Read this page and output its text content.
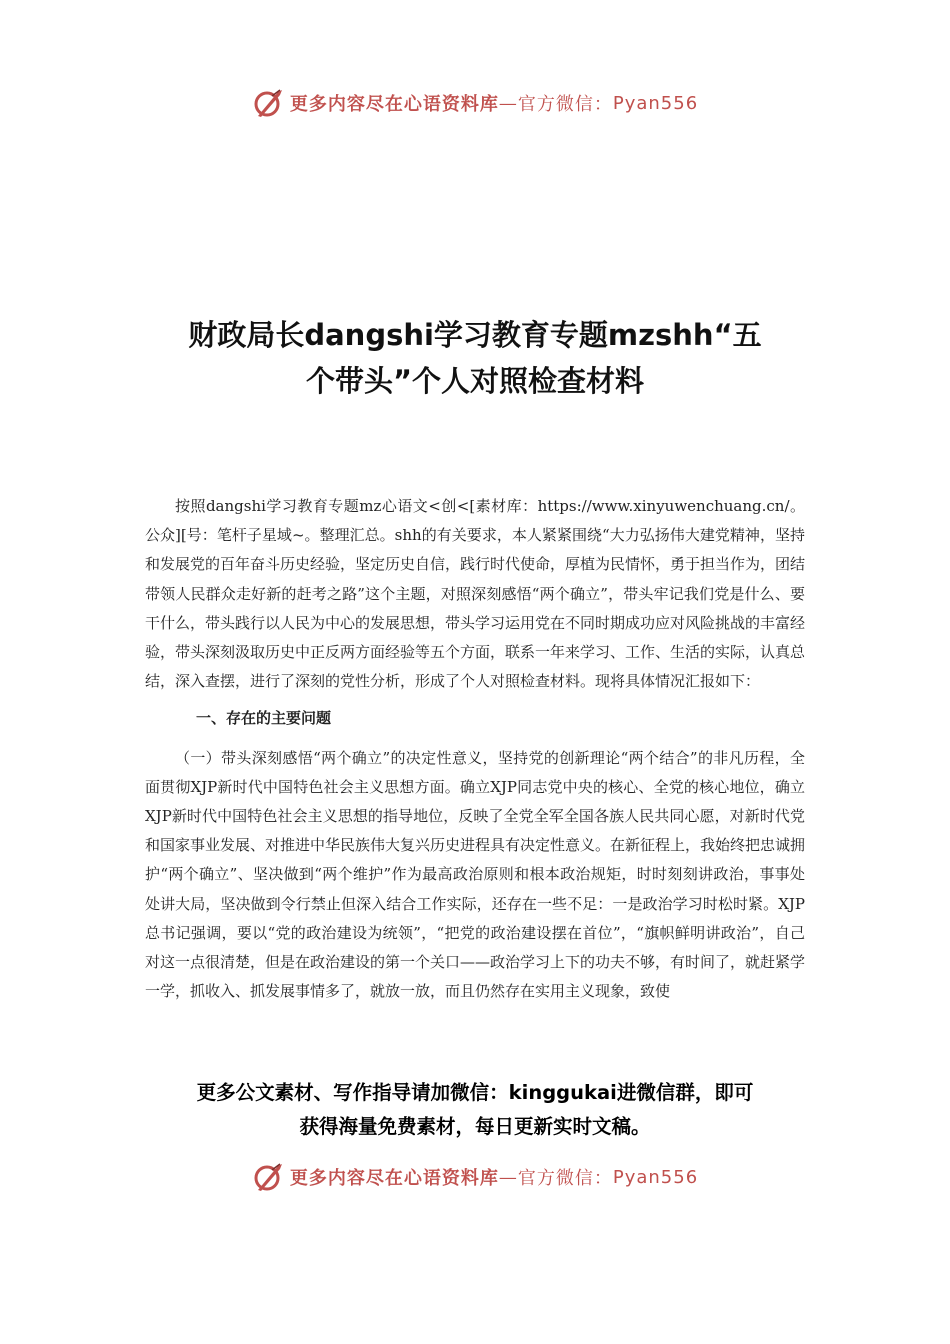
更多内容尽在心语资料库 — 官方微信： Pyan556
财政局长dangshi学习教育专题mzshh“五
个带头”个人对照检查材料

按照dangshi学习教育专题mz心语文<创<[素材库：https://www.xinyuwenchuang.cn/。公众][号：笔杆子星域~。整理汇总。shh的有关要求，本人紧紧围绕“大力弘扬伟大建党精神，坚持和发展党的百年奋斗历史经验，坚定历史自信，践行时代使命，厚植为民情怀，勇于担当作为，团结带领人民群众走好新的赶考之路”这个主题，对照深刻感悟“两个确立”，带头牢记我们党是什么、要干什么，带头践行以人民为中心的发展思想，带头学习运用党在不同时期成功应对风险挑战的丰富经验，带头深刻汲取历史中正反两方面经验等五个方面，联系一年来学习、工作、生活的实际，认真总结，深入查摆，进行了深刻的党性分析，形成了个人对照检查材料。现将具体情况汇报如下：

一、存在的主要问题

（一）带头深刻感悟“两个确立”的决定性意义，坚持党的创新理论“两个结合”的非凡历程，全面贯彻XJP新时代中国特色社会主义思想方面。确立XJP同志党中央的核心、全党的核心地位，确立XJP新时代中国特色社会主义思想的指导地位，反映了全党全军全国各族人民共同心愿，对新时代党和国家事业发展、对推进中华民族伟大复兴历史进程具有决定性意义。在新征程上，我始终把忠诚拥护“两个确立”、坚决做到“两个维护”作为最高政治原则和根本政治规矩，时时刻刻讲政治，事事处处讲大局，坚决做到令行禁止但深入结合工作实际，还存在一些不足：一是政治学习时松时紧。XJP总书记强调，要以“党的政治建设为统领”，“把党的政治建设摆在首位”，“旗帜鲜明讲政治”，自己对这一点很清楚，但是在政治建设的第一个关口——政治学习上下的功夫不够，有时间了，就赶紧学一学，抓收入、抓发展事情多了，就放一放，而且仍然存在实用主义现象，致使

更多公文素材、写作指导请加微信：kinggukai进微信群，即可
获得海量免费素材，每日更新实时文稿。
更多内容尽在心语资料库 — 官方微信： Pyan556
